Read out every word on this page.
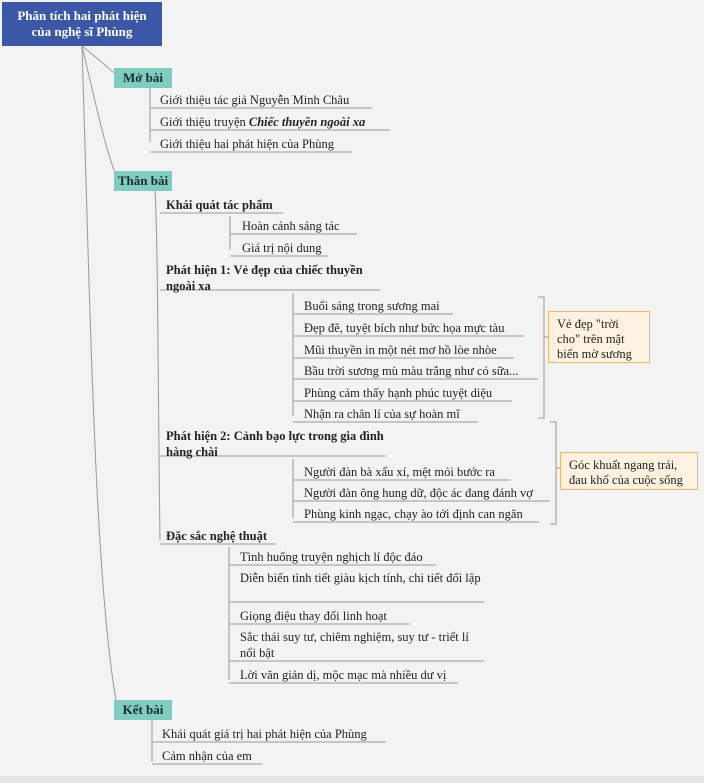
Phân tích hai phát hiện của nghệ sĩ Phùng
Mở bài
Giới thiệu tác giả Nguyễn Minh Châu
Giới thiệu truyện Chiếc thuyền ngoài xa
Giới thiệu hai phát hiện của Phùng
Thân bài
Khái quát tác phẩm
Hoàn cảnh sáng tác
Giá trị nội dung
Phát hiện 1: Vẻ đẹp của chiếc thuyền ngoài xa
Buổi sáng trong sương mai
Đẹp đẽ, tuyệt bích như bức họa mực tàu
Mũi thuyền in một nét mơ hồ lòe nhòe
Bầu trời sương mù màu trắng như có sữa...
Phùng cảm thấy hạnh phúc tuyệt diệu
Nhận ra chân lí của sự hoàn mĩ
Vẻ đẹp "trời cho" trên mặt biển mờ sương
Phát hiện 2: Cảnh bạo lực trong gia đình hàng chài
Người đàn bà xấu xí, mệt mỏi bước ra
Người đàn ông hung dữ, độc ác đang đánh vợ
Phùng kinh ngạc, chạy ào tới định can ngăn
Góc khuất ngang trái, đau khổ của cuộc sống
Đặc sắc nghệ thuật
Tình huống truyện nghịch lí độc đáo
Diễn biến tình tiết giàu kịch tính, chi tiết đối lập
Giọng điệu thay đổi linh hoạt
Sắc thái suy tư, chiêm nghiệm, suy tư - triết lí nổi bật
Lời văn giản dị, mộc mạc mà nhiều dư vị
Kết bài
Khái quát giá trị hai phát hiện của Phùng
Cảm nhận của em
